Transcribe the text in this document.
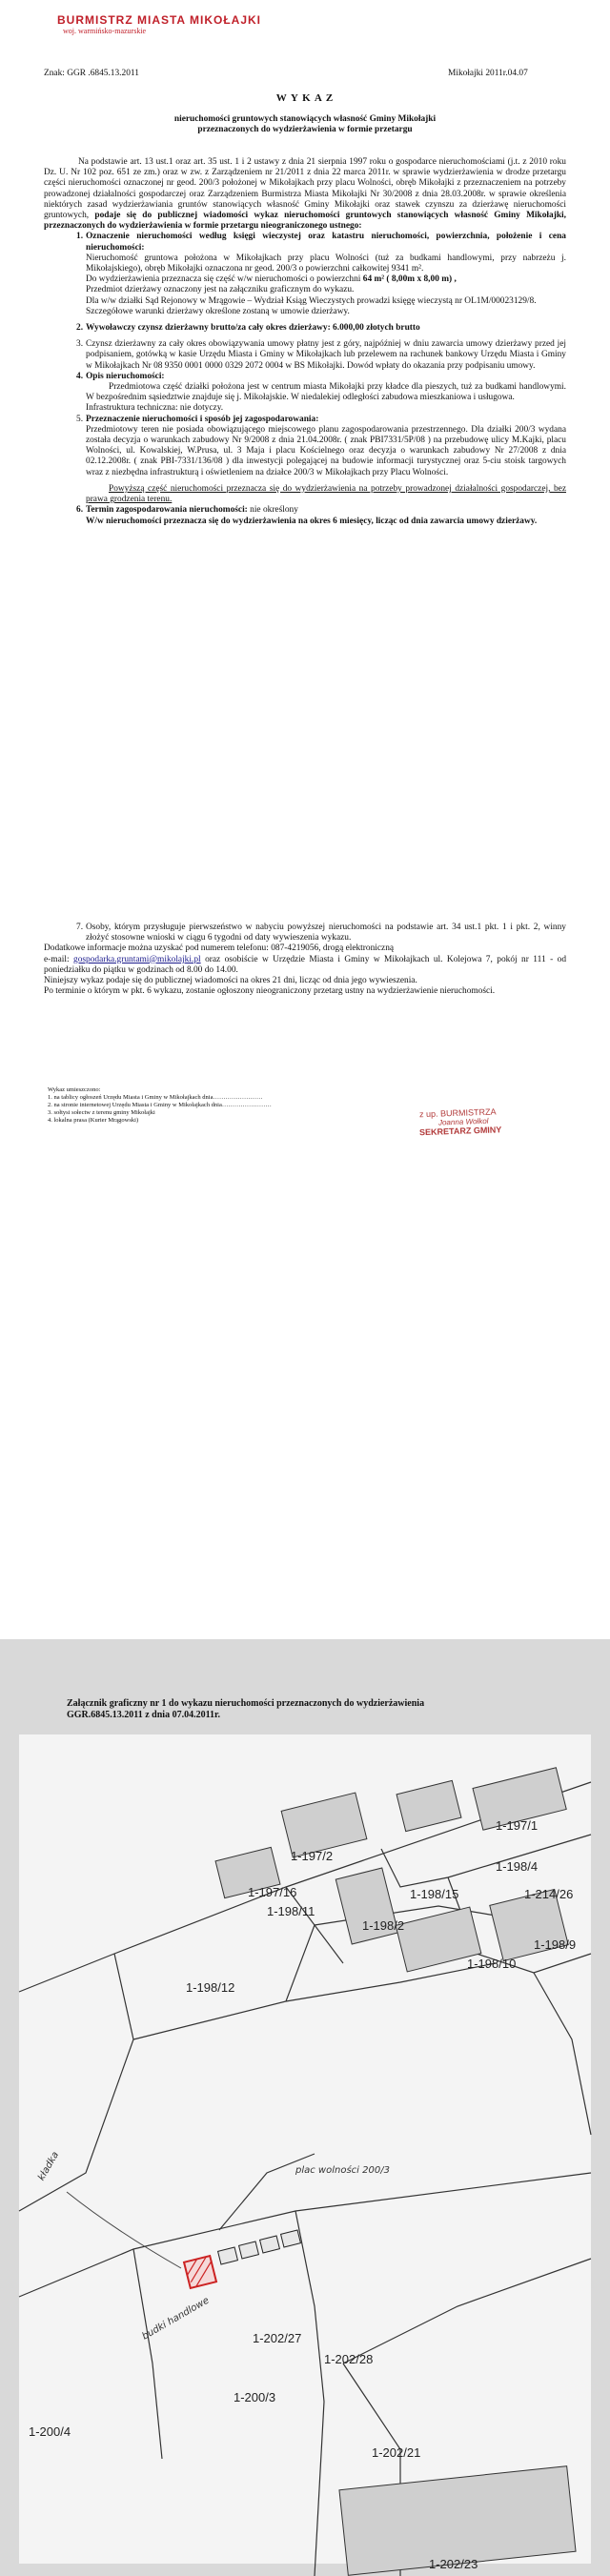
BURMISTRZ MIASTA MIKOŁAJKI
woj. warmińsko-mazurskie
Znak: GGR .6845.13.2011	Mikołajki 2011r.04.07
W Y K A Z
nieruchomości gruntowych stanowiących własność Gminy Mikołajki przeznaczonych do wydzierżawienia w formie przetargu

Na podstawie art. 13 ust.1 oraz art. 35 ust. 1 i 2 ustawy z dnia 21 sierpnia 1997 roku o gospodarce nieruchomościami (j.t. z 2010 roku Dz. U. Nr 102 poz. 651 ze zm.) oraz w zw. z Zarządzeniem nr 21/2011 z dnia 22 marca 2011r. w sprawie wydzierżawienia w drodze przetargu części nieruchomości oznaczonej nr geod. 200/3 położonej w Mikołajkach przy placu Wolności, obręb Mikołajki z przeznaczeniem na potrzeby prowadzonej działalności gospodarczej oraz Zarządzeniem Burmistrza Miasta Mikołajki Nr 30/2008 z dnia 28.03.2008r. w sprawie określenia niektórych zasad wydzierżawiania gruntów stanowiących własność Gminy Mikołajki oraz stawek czynszu za dzierżawę nieruchomości gruntowych, podaje się do publicznej wiadomości wykaz nieruchomości gruntowych stanowiących własność Gminy Mikołajki, przeznaczonych do wydzierżawienia w formie przetargu nieograniczonego ustnego:

1. Oznaczenie nieruchomości według księgi wieczystej oraz katastru nieruchomości, powierzchnia, położenie i cena nieruchomości:
Nieruchomość gruntowa położona w Mikołajkach przy placu Wolności (tuż za budkami handlowymi, przy nabrzeżu j. Mikołajskiego), obręb Mikołajki oznaczona nr geod. 200/3 o powierzchni całkowitej 9341 m².
Do wydzierżawienia przeznacza się część w/w nieruchomości o powierzchni 64 m² ( 8,00m x 8,00 m) ,
Przedmiot dzierżawy oznaczony jest na załączniku graficznym do wykazu.
Dla w/w działki Sąd Rejonowy w Mrągowie – Wydział Ksiąg Wieczystych prowadzi księgę wieczystą nr OL1M/00023129/8.
Szczegółowe warunki dzierżawy określone zostaną w umowie dzierżawy.
2. Wywoławczy czynsz dzierżawny brutto/za cały okres dzierżawy: 6.000,00 złotych brutto
3. Czynsz dzierżawny za cały okres obowiązywania umowy płatny jest z góry, najpóźniej w dniu zawarcia umowy dzierżawy przed jej podpisaniem, gotówką w kasie Urzędu Miasta i Gminy w Mikołajkach lub przelewem na rachunek bankowy Urzędu Miasta i Gminy w Mikołajkach Nr 08 9350 0001 0000 0329 2072 0004 w BS Mikołajki. Dowód wpłaty do okazania przy podpisaniu umowy.
4. Opis nieruchomości:
Przedmiotowa część działki położona jest w centrum miasta Mikołajki przy kładce dla pieszych, tuż za budkami handlowymi. W bezpośrednim sąsiedztwie znajduje się j. Mikołajskie. W niedalekiej odległości zabudowa mieszkaniowa i usługowa.
Infrastruktura techniczna: nie dotyczy.
5. Przeznaczenie nieruchomości i sposób jej zagospodarowania:
Przedmiotowy teren nie posiada obowiązującego miejscowego planu zagospodarowania przestrzennego. Dla działki 200/3 wydana została decyzja o warunkach zabudowy Nr 9/2008 z dnia 21.04.2008r. ( znak PBI7331/5P/08 ) na przebudowę ulicy M.Kajki, placu Wolności, ul. Kowalskiej, W.Prusa, ul. 3 Maja i placu Kościelnego oraz decyzja o warunkach zabudowy Nr 27/2008 z dnia 02.12.2008r. ( znak PBI-7331/136/08 ) dla inwestycji polegającej na budowie informacji turystycznej oraz 5-ciu stoisk targowych wraz z niezbędna infrastrukturą i oświetleniem na działce 200/3 w Mikołajkach przy Placu Wolności.
Powyższą część nieruchomości przeznacza się do wydzierżawienia na potrzeby prowadzonej działalności gospodarczej, bez prawa grodzenia terenu.
6. Termin zagospodarowania nieruchomości: nie określony
W/w nieruchomości przeznacza się do wydzierżawienia na okres 6 miesięcy, licząc od dnia zawarcia umowy dzierżawy.
7. Osoby, którym przysługuje pierwszeństwo w nabyciu powyższej nieruchomości na podstawie art. 34 ust.1 pkt. 1 i pkt. 2, winny złożyć stosowne wnioski w ciągu 6 tygodni od daty wywieszenia wykazu.
Dodatkowe informacje można uzyskać pod numerem telefonu: 087-4219056, drogą elektroniczną
e-mail: gospodarka.gruntami@mikolajki.pl oraz osobiście w Urzędzie Miasta i Gminy w Mikołajkach ul. Kolejowa 7, pokój nr 111 - od poniedziałku do piątku w godzinach od 8.00 do 14.00.
Niniejszy wykaz podaje się do publicznej wiadomości na okres 21 dni, licząc od dnia jego wywieszenia.
Po terminie o którym w pkt. 6 wykazu, zostanie ogłoszony nieograniczony przetarg ustny na wydzierżawienie nieruchomości.
Wykaz umieszczono:
1. na tablicy ogłoszeń Urzędu Miasta i Gminy w Mikołajkach dnia……………………
2. na stronie internetowej Urzędu Miasta i Gminy w Mikołajkach dnia……………………
3. sołtysi sołectw z terenu gminy Mikołajki
4. lokalna prasa (Kurier Mrągowski)
z up. BURMISTRZA
Joanna Wołkol
SEKRETARZ GMINY
Załącznik graficzny nr 1 do wykazu nieruchomości przeznaczonych do wydzierżawienia
GGR.6845.13.2011 z dnia 07.04.2011r.
1-197/1
1-197/2
1-198/4
1-197/16	1-198/15	1-214/26
1-198/11
1-198/2
1-198/9
1-198/10
1-198/12
1-202/27
1-202/28
1-200/3
1-200/4
1-202/21
1-202/23
kładka	plac wolności 200/3
budki handlowe
